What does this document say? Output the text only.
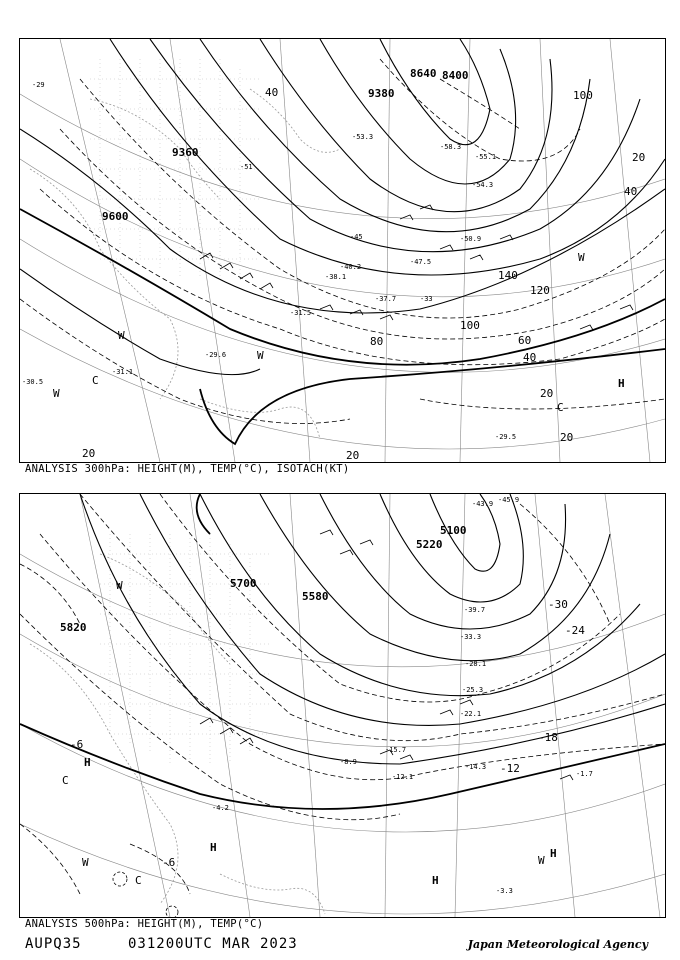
9600
9360
8640 8400
9380
20
40
60
80
100
120
140
20
20
20
40
100
40
20
-29
-31.5
-33
-37.7
-38.1
-40.2
-45
-47.5
-50.9
-51
-53.3
-54.3
-55.1
-58.3
-29.6
-31.1
-29.5
-30.5	H
W
W
W
C
C
W
ANALYSIS 300hPa: HEIGHT(M), TEMP(°C), ISOTACH(KT)
5820
5700
5580
5220
5100
-6
-12
-18
-24
-30
-6
-15.7
-12.1
-14.3
-1.7
-3.3
-8.9
-4.2
-22.1
-25.3
-28.1
-33.3
-39.7
-43.9 -45.9
H
H
H
H
C
C
W
W	W
ANALYSIS 500hPa: HEIGHT(M), TEMP(°C)
AUPQ35	031200UTC MAR 2023	Japan Meteorological Agency
